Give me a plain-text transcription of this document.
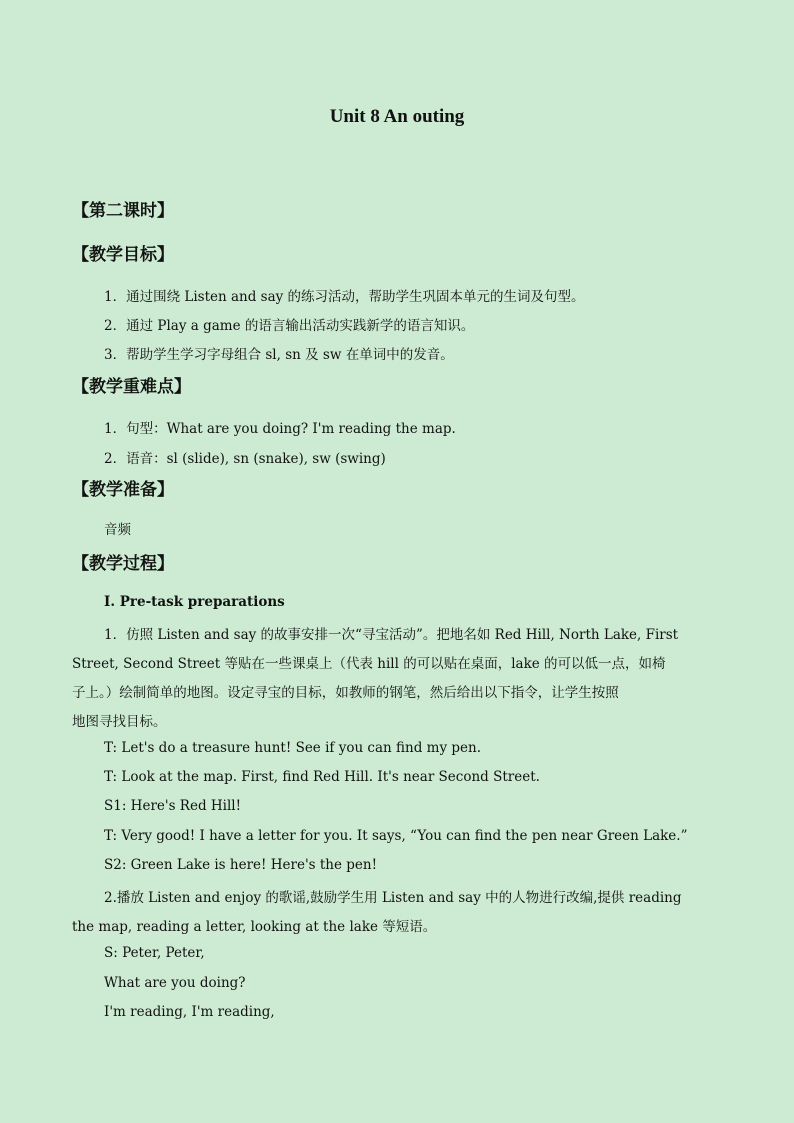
Unit 8 An outing
【第二课时】
【教学目标】
1．通过围绕 Listen and say 的练习活动，帮助学生巩固本单元的生词及句型。
2．通过 Play a game 的语言输出活动实践新学的语言知识。
3．帮助学生学习字母组合 sl, sn 及 sw 在单词中的发音。
【教学重难点】
1．句型：What are you doing? I'm reading the map.
2．语音：sl (slide), sn (snake), sw (swing)
【教学准备】
音频
【教学过程】
Ⅰ. Pre-task preparations
1．仿照 Listen and say 的故事安排一次“寻宝活动”。把地名如 Red Hill, North Lake, First
Street, Second Street 等贴在一些课桌上（代表 hill 的可以贴在桌面，lake 的可以低一点，如椅
子上。）绘制简单的地图。设定寻宝的目标，如教师的钢笔，然后给出以下指令，让学生按照
地图寻找目标。
T: Let's do a treasure hunt! See if you can find my pen.
T: Look at the map. First, find Red Hill. It's near Second Street.
S1: Here's Red Hill!
T: Very good! I have a letter for you. It says, “You can find the pen near Green Lake.”
S2: Green Lake is here! Here's the pen!
2.播放 Listen and enjoy 的歌谣,鼓励学生用 Listen and say 中的人物进行改编,提供 reading
the map, reading a letter, looking at the lake 等短语。
S: Peter, Peter,
What are you doing?
I'm reading, I'm reading,
